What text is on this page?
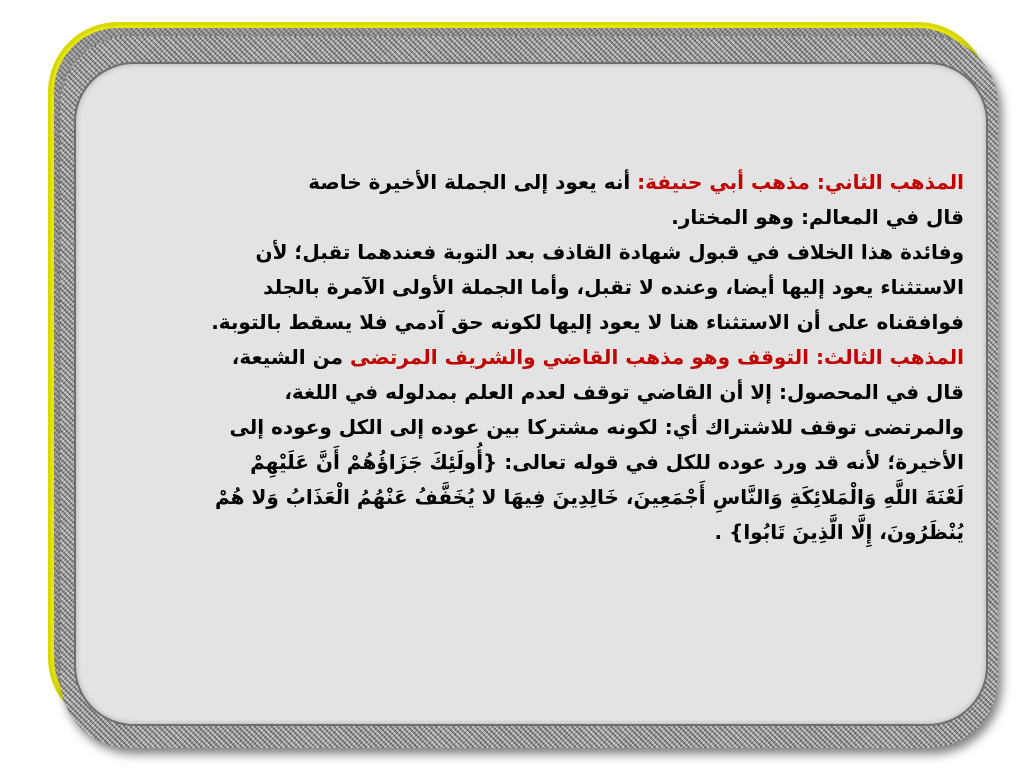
المذهب الثاني: مذهب أبي حنيفة: أنه يعود إلى الجملة الأخيرة خاصة

قال في المعالم: وهو المختار.

وفائدة هذا الخلاف في قبول شهادة القاذف بعد التوبة فعندهما تقبل؛ لأن

الاستثناء يعود إليها أيضا، وعنده لا تقبل، وأما الجملة الأولى الآمرة بالجلد

فوافقناه على أن الاستثناء هنا لا يعود إليها لكونه حق آدمي فلا يسقط بالتوبة.

المذهب الثالث: التوقف وهو مذهب القاضي والشريف المرتضى من الشيعة،

قال في المحصول: إلا أن القاضي توقف لعدم العلم بمدلوله في اللغة،

والمرتضى توقف للاشتراك أي: لكونه مشتركا بين عوده إلى الكل وعوده إلى

الأخيرة؛ لأنه قد ورد عوده للكل في قوله تعالى: {أُولَئِكَ جَزَاؤُهُمْ أَنَّ عَلَيْهِمْ

لَعْنَةَ اللَّهِ وَالْمَلائِكَةِ وَالنَّاسِ أَجْمَعِينَ، خَالِدِينَ فِيهَا لا يُخَفَّفُ عَنْهُمُ الْعَذَابُ وَلا هُمْ

يُنْظَرُونَ، إِلَّا الَّذِينَ تَابُوا} .
